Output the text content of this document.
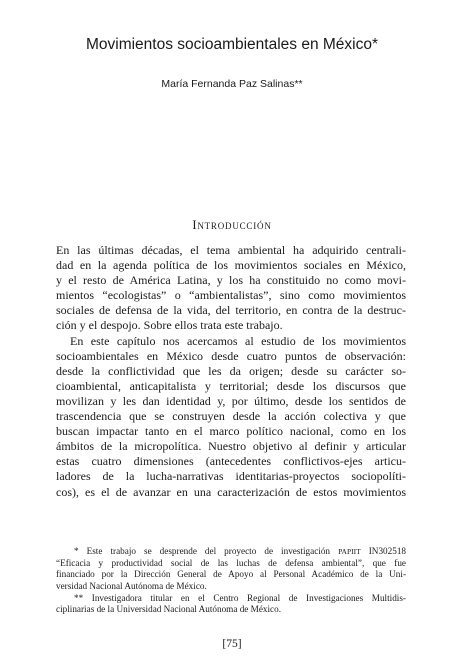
Movimientos socioambientales en México*
María Fernanda Paz Salinas**
Introducción
En las últimas décadas, el tema ambiental ha adquirido centrali-
dad en la agenda política de los movimientos sociales en México,
y el resto de América Latina, y los ha constituido no como movi-
mientos “ecologistas” o “ambientalistas”, sino como movimientos
sociales de defensa de la vida, del territorio, en contra de la destruc-
ción y el despojo. Sobre ellos trata este trabajo.
En este capítulo nos acercamos al estudio de los movimientos
socioambientales en México desde cuatro puntos de observación:
desde la conflictividad que les da origen; desde su carácter so-
cioambiental, anticapitalista y territorial; desde los discursos que
movilizan y les dan identidad y, por último, desde los sentidos de
trascendencia que se construyen desde la acción colectiva y que
buscan impactar tanto en el marco político nacional, como en los
ámbitos de la micropolítica. Nuestro objetivo al definir y articular
estas cuatro dimensiones (antecedentes conflictivos-ejes articu-
ladores de la lucha-narrativas identitarias-proyectos sociopolíti-
cos), es el de avanzar en una caracterización de estos movimientos
* Este trabajo se desprende del proyecto de investigación PAPIIT IN302518
“Eficacia y productividad social de las luchas de defensa ambiental”, que fue
financiado por la Dirección General de Apoyo al Personal Académico de la Uni-
versidad Nacional Autónoma de México.
** Investigadora titular en el Centro Regional de Investigaciones Multidis-
ciplinarias de la Universidad Nacional Autónoma de México.
[75]
